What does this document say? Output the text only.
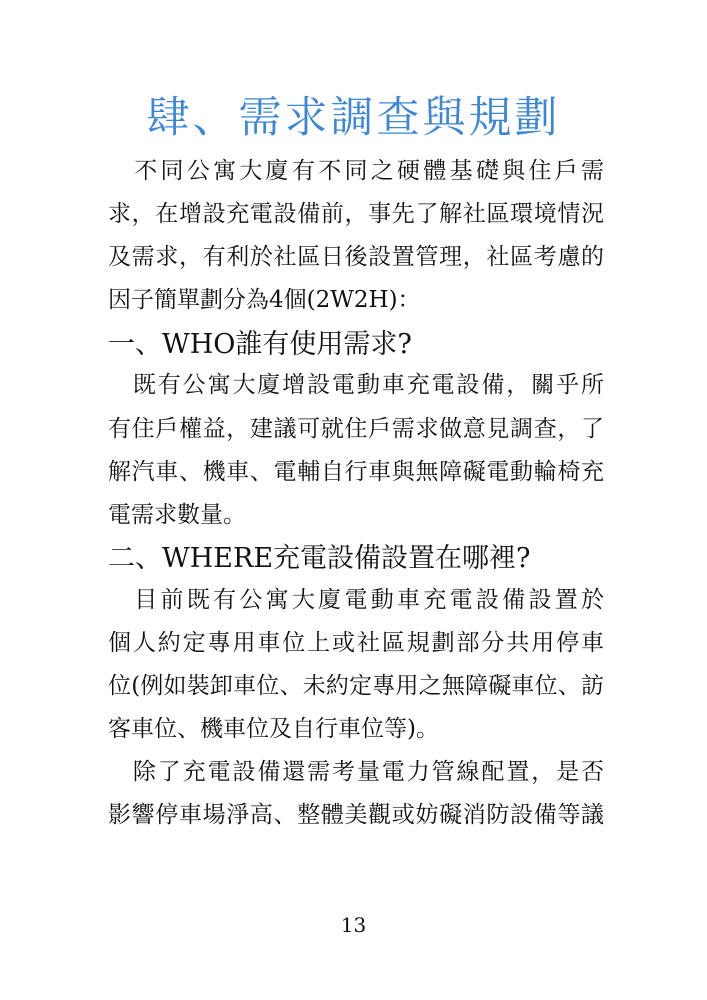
肆、需求調查與規劃
　不同公寓大廈有不同之硬體基礎與住戶需
求，在增設充電設備前，事先了解社區環境情況
及需求，有利於社區日後設置管理，社區考慮的
因子簡單劃分為4個(2W2H)：
一、WHO誰有使用需求?
　既有公寓大廈增設電動車充電設備，關乎所
有住戶權益，建議可就住戶需求做意見調查，了
解汽車、機車、電輔自行車與無障礙電動輪椅充
電需求數量。
二、WHERE充電設備設置在哪裡?
　目前既有公寓大廈電動車充電設備設置於
個人約定專用車位上或社區規劃部分共用停車
位(例如裝卸車位、未約定專用之無障礙車位、訪
客車位、機車位及自行車位等)。
　除了充電設備還需考量電力管線配置，是否
影響停車場淨高、整體美觀或妨礙消防設備等議
13
